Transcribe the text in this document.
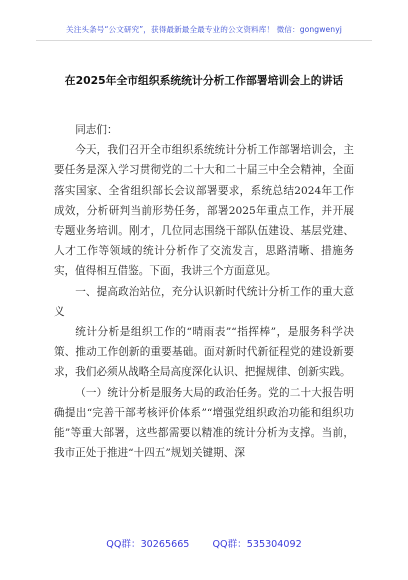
关注头条号“公文研究”，获得最新最全最专业的公文资料库！ 微信：gongwenyj
在2025年全市组织系统统计分析工作部署培训会上的讲话

同志们：

今天，我们召开全市组织系统统计分析工作部署培训会，主要任务是深入学习贯彻党的二十大和二十届三中全会精神，全面落实国家、全省组织部长会议部署要求，系统总结2024年工作成效，分析研判当前形势任务，部署2025年重点工作，并开展专题业务培训。刚才，几位同志围绕干部队伍建设、基层党建、人才工作等领域的统计分析作了交流发言，思路清晰、措施务实，值得相互借鉴。下面，我讲三个方面意见。

一、提高政治站位，充分认识新时代统计分析工作的重大意义

统计分析是组织工作的“晴雨表”“指挥棒”，是服务科学决策、推动工作创新的重要基础。面对新时代新征程党的建设新要求，我们必须从战略全局高度深化认识、把握规律、创新实践。

（一）统计分析是服务大局的政治任务。党的二十大报告明确提出“完善干部考核评价体系”“增强党组织政治功能和组织功能”等重大部署，这些都需要以精准的统计分析为支撑。当前，我市正处于推进“十四五”规划关键期、深

QQ群：30265665 QQ群：535304092
